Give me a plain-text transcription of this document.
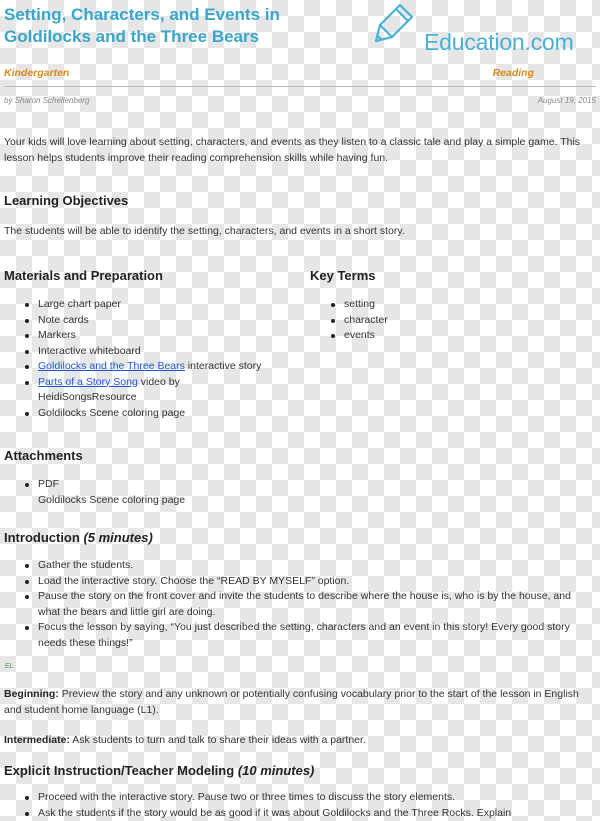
Setting, Characters, and Events in Goldilocks and the Three Bears	Education.com
Kindergarten	Reading
by Sharon Schellenberg	August 19, 2015

Your kids will love learning about setting, characters, and events as they listen to a classic tale and play a simple game. This lesson helps students improve their reading comprehension skills while having fun.

Learning Objectives

The students will be able to identify the setting, characters, and events in a short story.

Materials and Preparation
Large chart paper
Note cards
Markers
Interactive whiteboard
Goldilocks and the Three Bears interactive story
Parts of a Story Song video by HeidiSongsResource
Goldilocks Scene coloring page
Key Terms
setting
character
events
Attachments
PDF
Goldilocks Scene coloring page
Introduction (5 minutes)
Gather the students.
Load the interactive story. Choose the “READ BY MYSELF” option.
Pause the story on the front cover and invite the students to describe where the house is, who is by the house, and what the bears and little girl are doing.
Focus the lesson by saying, “You just described the setting, characters and an event in this story! Every good story needs these things!”
EL

Beginning: Preview the story and any unknown or potentially confusing vocabulary prior to the start of the lesson in English and student home language (L1).

Intermediate: Ask students to turn and talk to share their ideas with a partner.

Explicit Instruction/Teacher Modeling (10 minutes)
Proceed with the interactive story. Pause two or three times to discuss the story elements.
Ask the students if the story would be as good if it was about Goldilocks and the Three Rocks. Explain
